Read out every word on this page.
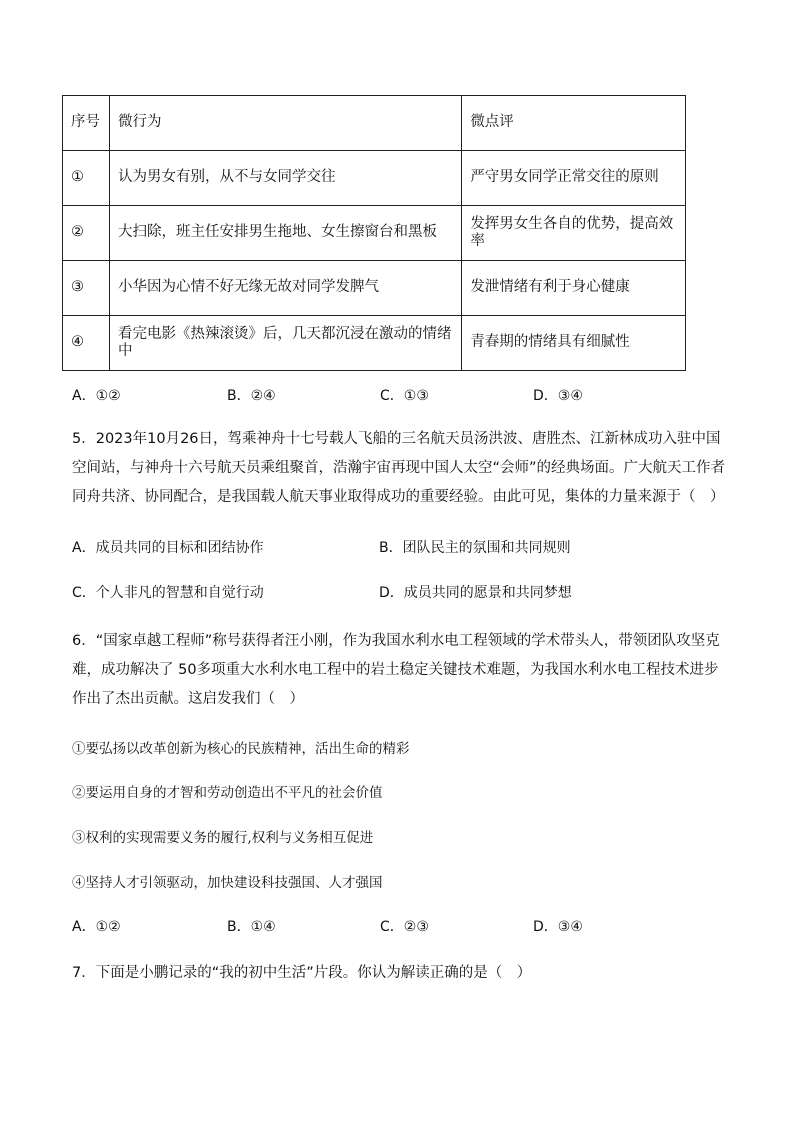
序号	微行为	微点评
①	认为男女有别，从不与女同学交往	严守男女同学正常交往的原则
②	大扫除，班主任安排男生拖地、女生擦窗台和黑板	发挥男女生各自的优势，提高效率
③	小华因为心情不好无缘无故对同学发脾气	发泄情绪有利于身心健康
④	看完电影《热辣滚烫》后，几天都沉浸在激动的情绪中	青春期的情绪具有细腻性
A．①②	B．②④	C．①③	D．③④
5．2023年10月26日，驾乘神舟十七号载人飞船的三名航天员汤洪波、唐胜杰、江新林成功入驻中国空间站，与神舟十六号航天员乘组聚首，浩瀚宇宙再现中国人太空“会师”的经典场面。广大航天工作者同舟共济、协同配合，是我国载人航天事业取得成功的重要经验。由此可见，集体的力量来源于（　）
A．成员共同的目标和团结协作	B．团队民主的氛围和共同规则
C．个人非凡的智慧和自觉行动	D．成员共同的愿景和共同梦想
6．“国家卓越工程师”称号获得者汪小刚，作为我国水利水电工程领域的学术带头人，带领团队攻坚克难，成功解决了 50多项重大水利水电工程中的岩土稳定关键技术难题，为我国水利水电工程技术进步作出了杰出贡献。这启发我们（　）
①要弘扬以改革创新为核心的民族精神，活出生命的精彩
②要运用自身的才智和劳动创造出不平凡的社会价值
③权利的实现需要义务的履行,权利与义务相互促进
④坚持人才引领驱动，加快建设科技强国、人才强国
A．①②	B．①④	C．②③	D．③④
7．下面是小鹏记录的“我的初中生活”片段。你认为解读正确的是（　）
